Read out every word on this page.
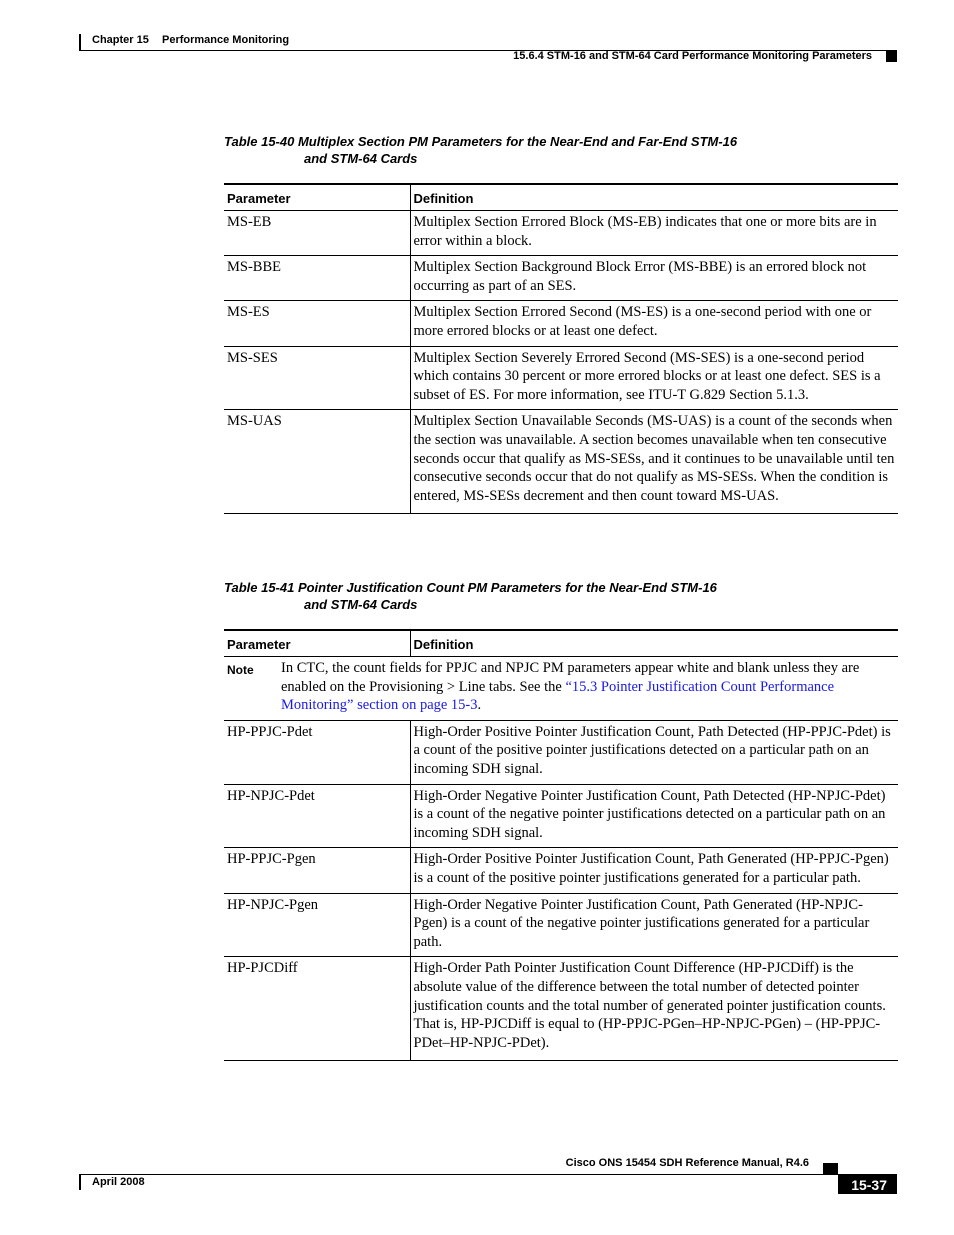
Chapter 15 Performance Monitoring
15.6.4 STM-16 and STM-64 Card Performance Monitoring Parameters
Table 15-40 Multiplex Section PM Parameters for the Near-End and Far-End STM-16
and STM-64 Cards
Parameter	Definition
MS-EB	Multiplex Section Errored Block (MS-EB) indicates that one or more bits are in error within a block.
MS-BBE	Multiplex Section Background Block Error (MS-BBE) is an errored block not occurring as part of an SES.
MS-ES	Multiplex Section Errored Second (MS-ES) is a one-second period with one or more errored blocks or at least one defect.
MS-SES	Multiplex Section Severely Errored Second (MS-SES) is a one-second period which contains 30 percent or more errored blocks or at least one defect. SES is a subset of ES. For more information, see ITU-T G.829 Section 5.1.3.
MS-UAS	Multiplex Section Unavailable Seconds (MS-UAS) is a count of the seconds when the section was unavailable. A section becomes unavailable when ten consecutive seconds occur that qualify as MS-SESs, and it continues to be unavailable until ten consecutive seconds occur that do not qualify as MS-SESs. When the condition is entered, MS-SESs decrement and then count toward MS-UAS.
Table 15-41 Pointer Justification Count PM Parameters for the Near-End STM-16
and STM-64 Cards
Parameter	Definition

Note In CTC, the count fields for PPJC and NPJC PM parameters appear white and blank unless they are enabled on the Provisioning > Line tabs. See the “15.3 Pointer Justification Count Performance Monitoring” section on page 15-3.	

HP-PPJC-Pdet	High-Order Positive Pointer Justification Count, Path Detected (HP-PPJC-Pdet) is a count of the positive pointer justifications detected on a particular path on an incoming SDH signal.
HP-NPJC-Pdet	High-Order Negative Pointer Justification Count, Path Detected (HP-NPJC-Pdet) is a count of the negative pointer justifications detected on a particular path on an incoming SDH signal.
HP-PPJC-Pgen	High-Order Positive Pointer Justification Count, Path Generated (HP-PPJC-Pgen) is a count of the positive pointer justifications generated for a particular path.
HP-NPJC-Pgen	High-Order Negative Pointer Justification Count, Path Generated (HP-NPJC-Pgen) is a count of the negative pointer justifications generated for a particular path.
HP-PJCDiff	High-Order Path Pointer Justification Count Difference (HP-PJCDiff) is the absolute value of the difference between the total number of detected pointer justification counts and the total number of generated pointer justification counts. That is, HP-PJCDiff is equal to (HP-PPJC-PGen–HP-NPJC-PGen) – (HP-PPJC-PDet–HP-NPJC-PDet).
Cisco ONS 15454 SDH Reference Manual, R4.6
April 2008	15-37
